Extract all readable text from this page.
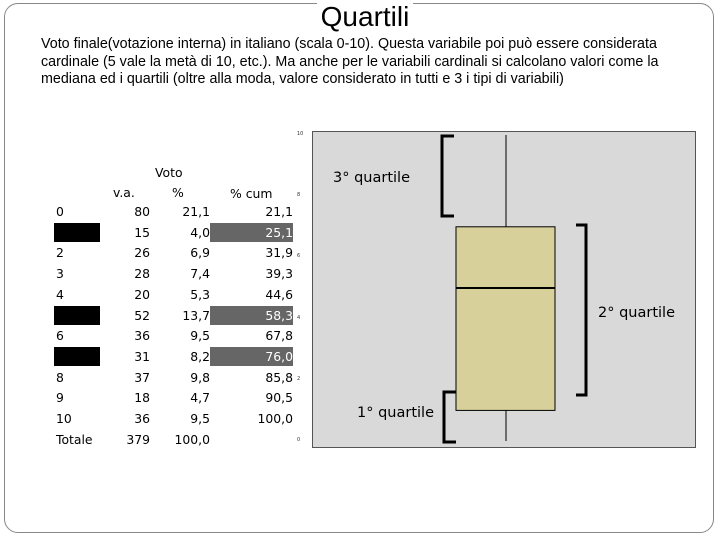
Quartili
Voto finale(votazione interna) in italiano (scala 0-10). Questa variabile poi può essere considerata cardinale (5 vale la metà di 10, etc.). Ma anche per le variabili cardinali si calcolano valori come la mediana ed i quartili (oltre alla moda, valore considerato in tutti e 3 i tipi di variabili)
Voto
v.a.	%	% cum
0	80	21,1	21,1
1	15	4,0	25,1
2	26	6,9	31,9
3	28	7,4	39,3
4	20	5,3	44,6
5	52	13,7	58,3
6	36	9,5	67,8
7	31	8,2	76,0
8	37	9,8	85,8
9	18	4,7	90,5
10	36	9,5	100,0
Totale	379	100,0
3° quartile
2° quartile
1° quartile
10
8
6
4
2
0
